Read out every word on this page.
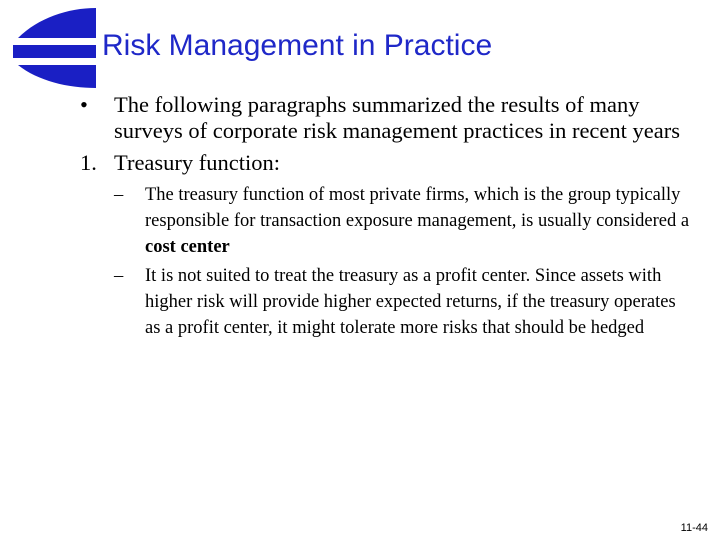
Risk Management in Practice

• The following paragraphs summarized the results of many surveys of corporate risk management practices in recent years

1. Treasury function:

– The treasury function of most private firms, which is the group typically responsible for transaction exposure management, is usually considered a cost center
– It is not suited to treat the treasury as a profit center. Since assets with higher risk will provide higher expected returns, if the treasury operates as a profit center, it might tolerate more risks that should be hedged
11-44
